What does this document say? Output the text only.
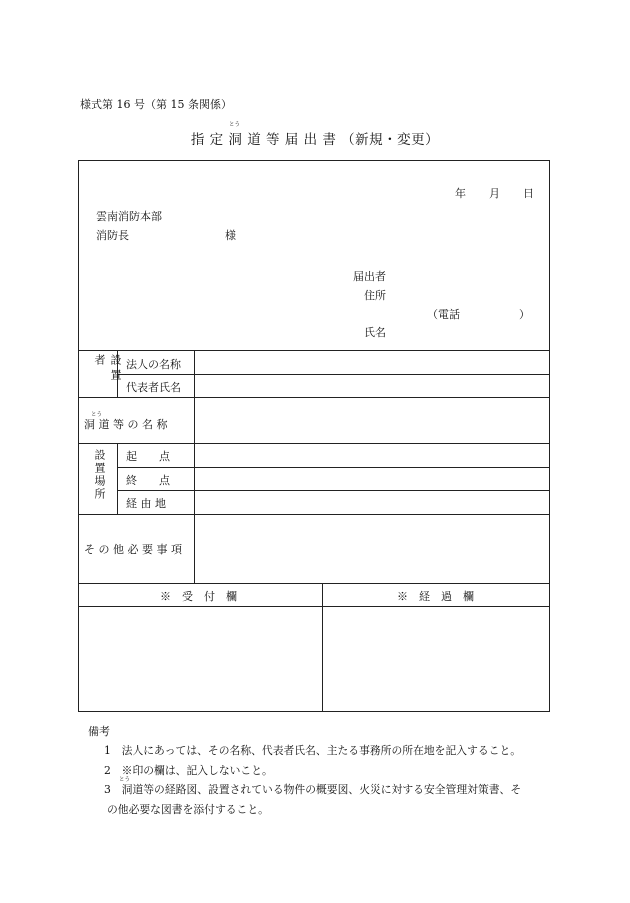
様式第 16 号（第 15 条関係）
とう
指 定 洞 道 等 届 出 書 （新規・変更）
年 月 日
雲南消防本部
消防長	様
届出者
住所
（電話	）
氏名
設置者	法人の名称
代表者氏名
とう
洞 道 等 の 名 称
設置場所 起　　点
終　　点
経 由 地
そ の 他 必 要 事 項
※　受　付　欄	※　経　過　欄
備考
1　法人にあっては、その名称、代表者氏名、主たる事務所の所在地を記入すること。
2　※印の欄は、記入しないこと。
とう
3　洞道等の経路図、設置されている物件の概要図、火災に対する安全管理対策書、そ
の他必要な図書を添付すること。
